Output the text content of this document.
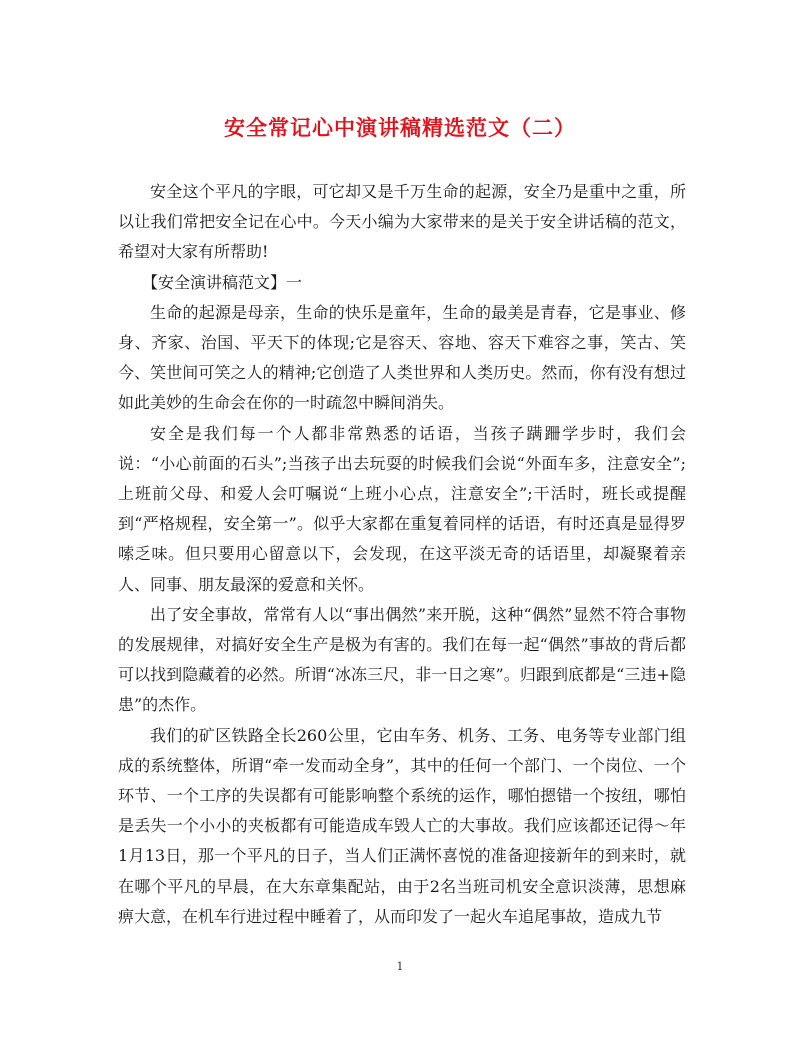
安全常记心中演讲稿精选范文（二）

安全这个平凡的字眼，可它却又是千万生命的起源，安全乃是重中之重，所以让我们常把安全记在心中。今天小编为大家带来的是关于安全讲话稿的范文，希望对大家有所帮助!

【安全演讲稿范文】一

生命的起源是母亲，生命的快乐是童年，生命的最美是青春，它是事业、修身、齐家、治国、平天下的体现;它是容天、容地、容天下难容之事，笑古、笑今、笑世间可笑之人的精神;它创造了人类世界和人类历史。然而，你有没有想过如此美妙的生命会在你的一时疏忽中瞬间消失。

安全是我们每一个人都非常熟悉的话语，当孩子蹒跚学步时，我们会说：“小心前面的石头”;当孩子出去玩耍的时候我们会说“外面车多，注意安全”;上班前父母、和爱人会叮嘱说“上班小心点，注意安全”;干活时，班长或提醒到“严格规程，安全第一”。似乎大家都在重复着同样的话语，有时还真是显得罗嗦乏味。但只要用心留意以下，会发现，在这平淡无奇的话语里，却凝聚着亲人、同事、朋友最深的爱意和关怀。

出了安全事故，常常有人以“事出偶然”来开脱，这种“偶然”显然不符合事物的发展规律，对搞好安全生产是极为有害的。我们在每一起“偶然”事故的背后都可以找到隐藏着的必然。所谓“冰冻三尺，非一日之寒”。归跟到底都是“三违+隐患”的杰作。

我们的矿区铁路全长260公里，它由车务、机务、工务、电务等专业部门组成的系统整体，所谓“牵一发而动全身”，其中的任何一个部门、一个岗位、一个环节、一个工序的失误都有可能影响整个系统的运作，哪怕摁错一个按纽，哪怕是丢失一个小小的夹板都有可能造成车毁人亡的大事故。我们应该都还记得～年1月13日，那一个平凡的日子，当人们正满怀喜悦的准备迎接新年的到来时，就在哪个平凡的早晨，在大东章集配站，由于2名当班司机安全意识淡薄，思想麻痹大意，在机车行进过程中睡着了，从而印发了一起火车追尾事故，造成九节

1
